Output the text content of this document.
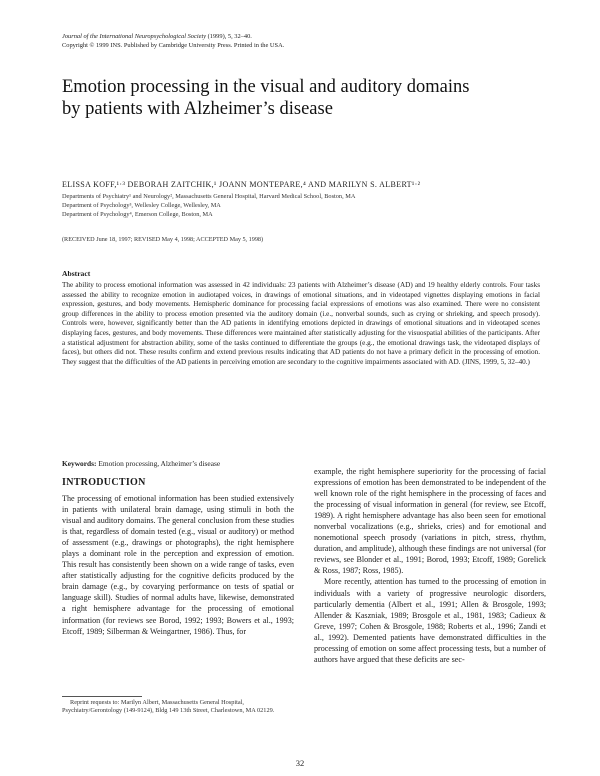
Journal of the International Neuropsychological Society (1999), 5, 32–40.
Copyright © 1999 INS. Published by Cambridge University Press. Printed in the USA.
Emotion processing in the visual and auditory domains
by patients with Alzheimer’s disease
ELISSA KOFF,¹·³ DEBORAH ZAITCHIK,¹ JOANN MONTEPARE,⁴ AND MARILYN S. ALBERT¹·²
Departments of Psychiatry¹ and Neurology², Massachusetts General Hospital, Harvard Medical School, Boston, MA
Department of Psychology³, Wellesley College, Wellesley, MA
Department of Psychology⁴, Emerson College, Boston, MA
(RECEIVED June 18, 1997; REVISED May 4, 1998; ACCEPTED May 5, 1998)
Abstract
The ability to process emotional information was assessed in 42 individuals: 23 patients with Alzheimer’s disease (AD) and 19 healthy elderly controls. Four tasks assessed the ability to recognize emotion in audiotaped voices, in drawings of emotional situations, and in videotaped vignettes displaying emotions in facial expression, gestures, and body movements. Hemispheric dominance for processing facial expressions of emotions was also examined. There were no consistent group differences in the ability to process emotion presented via the auditory domain (i.e., nonverbal sounds, such as crying or shrieking, and speech prosody). Controls were, however, significantly better than the AD patients in identifying emotions depicted in drawings of emotional situations and in videotaped scenes displaying faces, gestures, and body movements. These differences were maintained after statistically adjusting for the visuospatial abilities of the participants. After a statistical adjustment for abstraction ability, some of the tasks continued to differentiate the groups (e.g., the emotional drawings task, the videotaped displays of faces), but others did not. These results confirm and extend previous results indicating that AD patients do not have a primary deficit in the processing of emotion. They suggest that the difficulties of the AD patients in perceiving emotion are secondary to the cognitive impairments associated with AD. (JINS, 1999, 5, 32–40.)
Keywords: Emotion processing, Alzheimer’s disease
INTRODUCTION

The processing of emotional information has been studied extensively in patients with unilateral brain damage, using stimuli in both the visual and auditory domains. The general conclusion from these studies is that, regardless of domain tested (e.g., visual or auditory) or method of assessment (e.g., drawings or photographs), the right hemisphere plays a dominant role in the perception and expression of emotion. This result has consistently been shown on a wide range of tasks, even after statistically adjusting for the cognitive deficits produced by the brain damage (e.g., by covarying performance on tests of spatial or language skill). Studies of normal adults have, likewise, demonstrated a right hemisphere advantage for the processing of emotional information (for reviews see Borod, 1992; 1993; Bowers et al., 1993; Etcoff, 1989; Silberman & Weingartner, 1986). Thus, for

example, the right hemisphere superiority for the processing of facial expressions of emotion has been demonstrated to be independent of the well known role of the right hemisphere in the processing of faces and the processing of visual information in general (for review, see Etcoff, 1989). A right hemisphere advantage has also been seen for emotional nonverbal vocalizations (e.g., shrieks, cries) and for emotional and nonemotional speech prosody (variations in pitch, stress, rhythm, duration, and amplitude), although these findings are not universal (for reviews, see Blonder et al., 1991; Borod, 1993; Etcoff, 1989; Gorelick & Ross, 1987; Ross, 1985).

More recently, attention has turned to the processing of emotion in individuals with a variety of progressive neurologic disorders, particularly dementia (Albert et al., 1991; Allen & Brosgole, 1993; Allender & Kaszniak, 1989; Brosgole et al., 1981, 1983; Cadieux & Greve, 1997; Cohen & Brosgole, 1988; Roberts et al., 1996; Zandi et al., 1992). Demented patients have demonstrated difficulties in the processing of emotion on some affect processing tests, but a number of authors have argued that these deficits are sec-

Reprint requests to: Marilyn Albert, Massachusetts General Hospital, Psychiatry/Gerontology (149-9124), Bldg 149 13th Street, Charlestown, MA 02129.
32
